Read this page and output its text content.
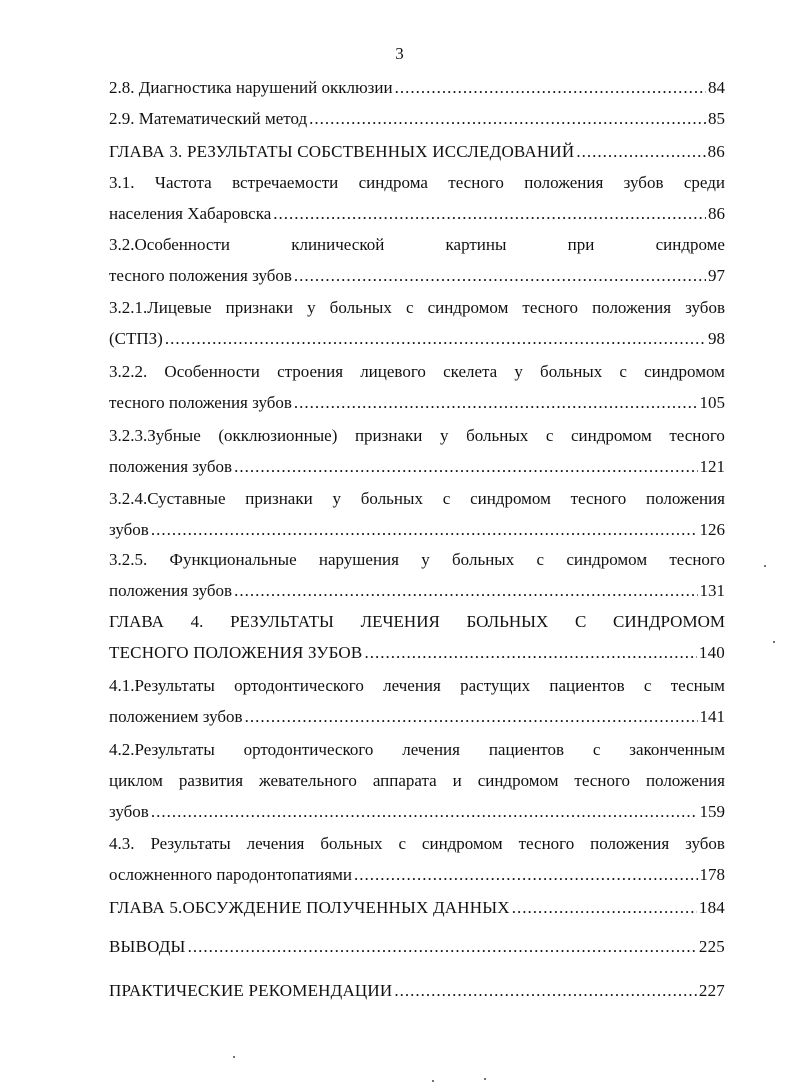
3
2.8. Диагностика нарушений окклюзии .....	84
2.9. Математический метод .....	85
ГЛАВА 3. РЕЗУЛЬТАТЫ СОБСТВЕННЫХ ИССЛЕДОВАНИЙ .....	86
3.1. Частота встречаемости синдрома тесного положения зубов среди
населения Хабаровска .....	86
3.2.Особенности	клинической	картины	при	синдроме
тесного положения зубов .....	97
3.2.1.Лицевые признаки у больных с синдромом тесного положения зубов
(СТПЗ) .....	98
3.2.2. Особенности строения лицевого скелета у больных с синдромом
тесного положения зубов .....	105
3.2.3.Зубные (окклюзионные) признаки у больных с синдромом тесного
положения зубов .....	121
3.2.4.Суставные признаки у больных с синдромом тесного положения
зубов .....	126
3.2.5. Функциональные нарушения у больных с синдромом тесного
положения зубов .....	131
ГЛАВА 4. РЕЗУЛЬТАТЫ ЛЕЧЕНИЯ БОЛЬНЫХ С СИНДРОМОМ
ТЕСНОГО ПОЛОЖЕНИЯ ЗУБОВ .....	140
4.1.Результаты ортодонтического лечения растущих пациентов с тесным
положением зубов .....	141
4.2.Результаты ортодонтического лечения пациентов с законченным
циклом развития жевательного аппарата и синдромом тесного положения
зубов .....	159
4.3. Результаты лечения больных с синдромом тесного положения зубов
осложненного пародонтопатиями .....	178
ГЛАВА 5.ОБСУЖДЕНИЕ ПОЛУЧЕННЫХ ДАННЫХ .....	184
ВЫВОДЫ .....	225
ПРАКТИЧЕСКИЕ РЕКОМЕНДАЦИИ .....	227
